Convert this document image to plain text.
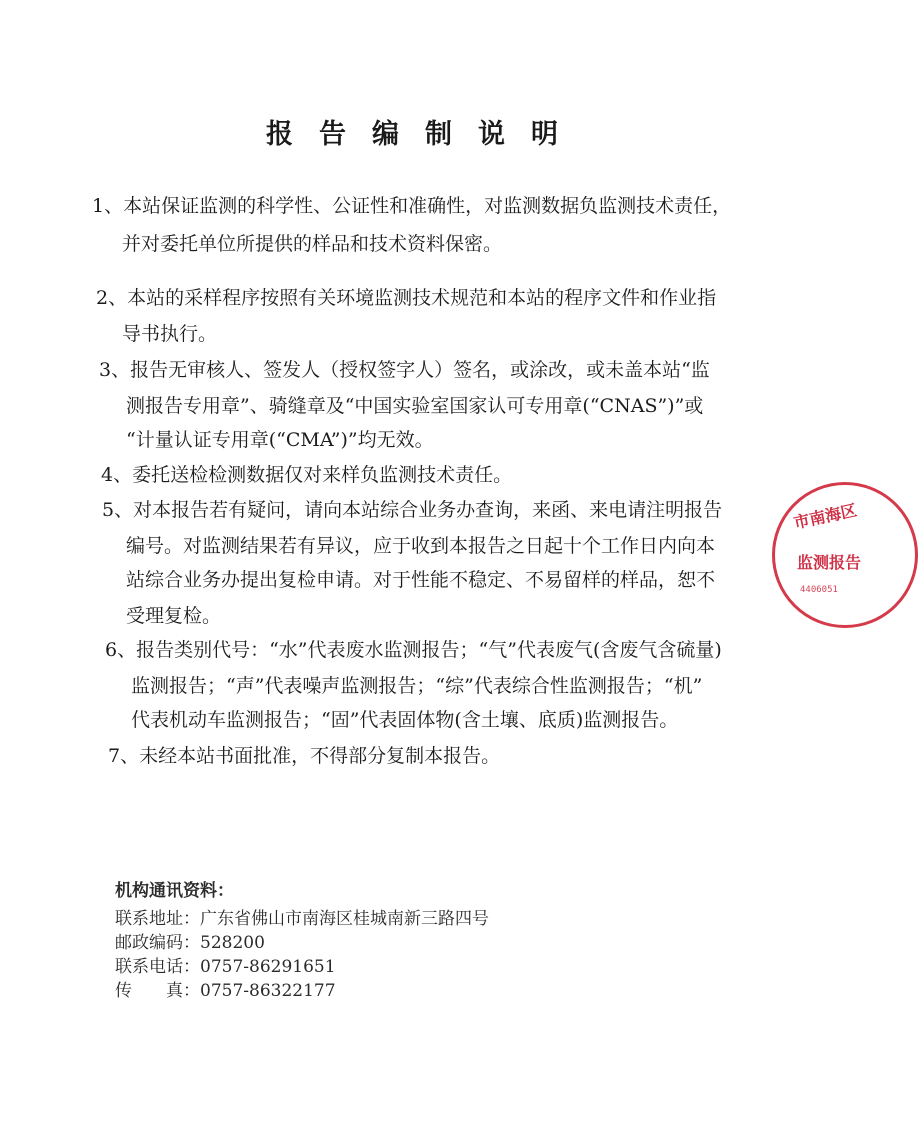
报告编制说明
1、本站保证监测的科学性、公证性和准确性，对监测数据负监测技术责任，
并对委托单位所提供的样品和技术资料保密。
2、本站的采样程序按照有关环境监测技术规范和本站的程序文件和作业指
导书执行。
3、报告无审核人、签发人（授权签字人）签名，或涂改，或未盖本站“监
测报告专用章”、骑缝章及“中国实验室国家认可专用章(“CNAS”)”或
“计量认证专用章(“CMA”)”均无效。
4、委托送检检测数据仅对来样负监测技术责任。
5、对本报告若有疑问，请向本站综合业务办查询，来函、来电请注明报告
编号。对监测结果若有异议，应于收到本报告之日起十个工作日内向本
站综合业务办提出复检申请。对于性能不稳定、不易留样的样品，恕不
受理复检。
6、报告类别代号：“水”代表废水监测报告；“气”代表废气(含废气含硫量)
监测报告；“声”代表噪声监测报告；“综”代表综合性监测报告；“机”
代表机动车监测报告；“固”代表固体物(含土壤、底质)监测报告。
7、未经本站书面批准，不得部分复制本报告。
机构通讯资料：
联系地址：广东省佛山市南海区桂城南新三路四号
邮政编码：528200
联系电话：0757-86291651
传　　真：0757-86322177
市南海区
监测报告
4406051
